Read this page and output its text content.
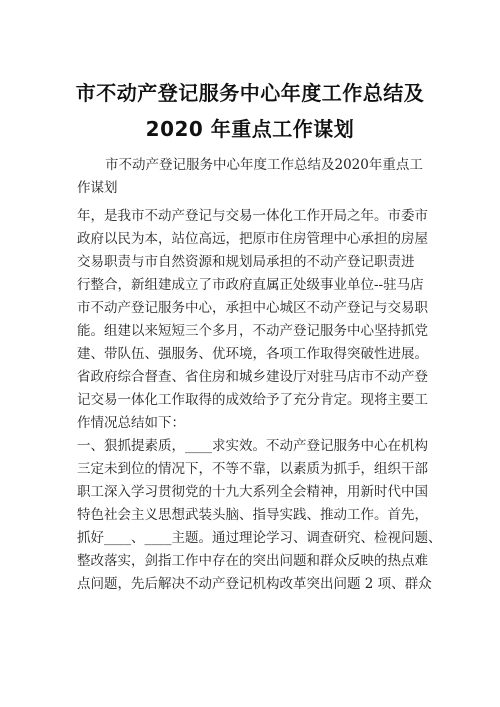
市不动产登记服务中心年度工作总结及
2020 年重点工作谋划
市不动产登记服务中心年度工作总结及2020年重点工
作谋划
年，是我市不动产登记与交易一体化工作开局之年。市委市
政府以民为本，站位高远，把原市住房管理中心承担的房屋
交易职责与市自然资源和规划局承担的不动产登记职责进
行整合，新组建成立了市政府直属正处级事业单位--驻马店
市不动产登记服务中心，承担中心城区不动产登记与交易职
能。组建以来短短三个多月，不动产登记服务中心坚持抓党
建、带队伍、强服务、优环境，各项工作取得突破性进展。
省政府综合督查、省住房和城乡建设厅对驻马店市不动产登
记交易一体化工作取得的成效给予了充分肯定。现将主要工
作情况总结如下：
一、狠抓提素质，____求实效。不动产登记服务中心在机构
三定未到位的情况下，不等不靠，以素质为抓手，组织干部
职工深入学习贯彻党的十九大系列全会精神，用新时代中国
特色社会主义思想武装头脑、指导实践、推动工作。首先，
抓好____、____主题。通过理论学习、调查研究、检视问题、
整改落实，剑指工作中存在的突出问题和群众反映的热点难
点问题，先后解决不动产登记机构改革突出问题 2 项、群众
